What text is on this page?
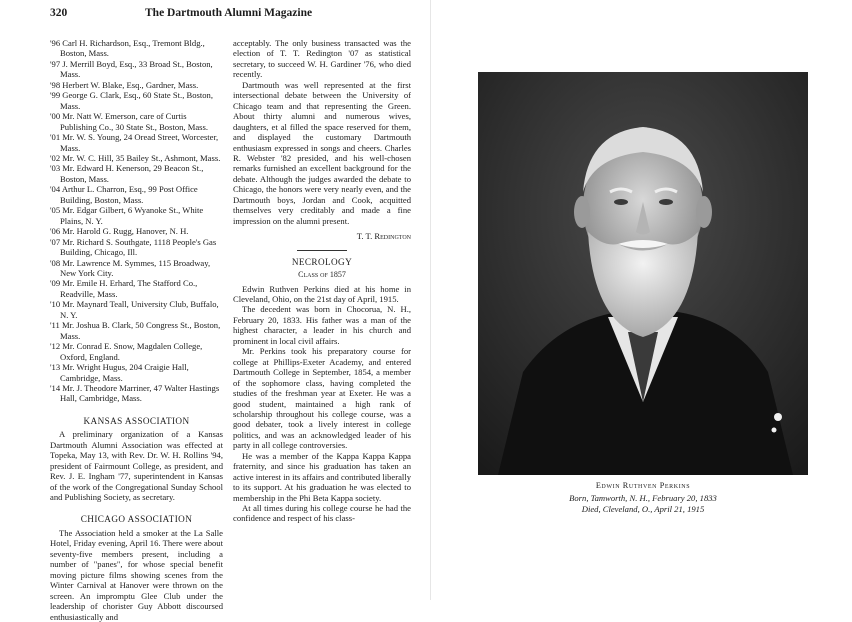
320	The Dartmouth Alumni Magazine

'96 Carl H. Richardson, Esq., Tremont Bldg., Boston, Mass.

'97 J. Merrill Boyd, Esq., 33 Broad St., Boston, Mass.

'98 Herbert W. Blake, Esq., Gardner, Mass.

'99 George G. Clark, Esq., 60 State St., Boston, Mass.

'00 Mr. Natt W. Emerson, care of Curtis Publishing Co., 30 State St., Boston, Mass.

'01 Mr. W. S. Young, 24 Oread Street, Worcester, Mass.

'02 Mr. W. C. Hill, 35 Bailey St., Ashmont, Mass.

'03 Mr. Edward H. Kenerson, 29 Beacon St., Boston, Mass.

'04 Arthur L. Charron, Esq., 99 Post Office Building, Boston, Mass.

'05 Mr. Edgar Gilbert, 6 Wyanoke St., White Plains, N. Y.

'06 Mr. Harold G. Rugg, Hanover, N. H.

'07 Mr. Richard S. Southgate, 1118 People's Gas Building, Chicago, Ill.

'08 Mr. Lawrence M. Symmes, 115 Broadway, New York City.

'09 Mr. Emile H. Erhard, The Stafford Co., Readville, Mass.

'10 Mr. Maynard Teall, University Club, Buffalo, N. Y.

'11 Mr. Joshua B. Clark, 50 Congress St., Boston, Mass.

'12 Mr. Conrad E. Snow, Magdalen College, Oxford, England.

'13 Mr. Wright Hugus, 204 Craigie Hall, Cambridge, Mass.

'14 Mr. J. Theodore Marriner, 47 Walter Hastings Hall, Cambridge, Mass.

KANSAS ASSOCIATION

A preliminary organization of a Kansas Dartmouth Alumni Association was effected at Topeka, May 13, with Rev. Dr. W. H. Rollins '94, president of Fairmount College, as president, and Rev. J. E. Ingham '77, superintendent in Kansas of the work of the Congregational Sunday School and Publishing Society, as secretary.

CHICAGO ASSOCIATION

The Association held a smoker at the La Salle Hotel, Friday evening, April 16. There were about seventy-five members present, including a number of "panes", for whose special benefit moving picture films showing scenes from the Winter Carnival at Hanover were thrown on the screen. An impromptu Glee Club under the leadership of chorister Guy Abbott discoursed enthusiastically and

acceptably. The only business transacted was the election of T. T. Redington '07 as statistical secretary, to succeed W. H. Gardiner '76, who died recently.

Dartmouth was well represented at the first intersectional debate between the University of Chicago team and that representing the Green. About thirty alumni and numerous wives, daughters, et al filled the space reserved for them, and displayed the customary Dartmouth enthusiasm expressed in songs and cheers. Charles R. Webster '82 presided, and his well-chosen remarks furnished an excellent background for the debate. Although the judges awarded the debate to Chicago, the honors were very nearly even, and the Dartmouth boys, Jordan and Cook, acquitted themselves very creditably and made a fine impression on the alumni present.

T. T. Redington

NECROLOGY
Class of 1857

Edwin Ruthven Perkins died at his home in Cleveland, Ohio, on the 21st day of April, 1915.

The decedent was born in Chocorua, N. H., February 20, 1833. His father was a man of the highest character, a leader in his church and prominent in local civil affairs.

Mr. Perkins took his preparatory course for college at Phillips-Exeter Academy, and entered Dartmouth College in September, 1854, a member of the sophomore class, having completed the studies of the freshman year at Exeter. He was a good student, maintained a high rank of scholarship throughout his college course, was a good debater, took a lively interest in college politics, and was an acknowledged leader of his party in all college controversies.

He was a member of the Kappa Kappa Kappa fraternity, and since his graduation has taken an active interest in its affairs and contributed liberally to its support. At his graduation he was elected to membership in the Phi Beta Kappa society.

At all times during his college course he had the confidence and respect of his class-

Edwin Ruthven Perkins
Born, Tamworth, N. H., February 20, 1833
Died, Cleveland, O., April 21, 1915
